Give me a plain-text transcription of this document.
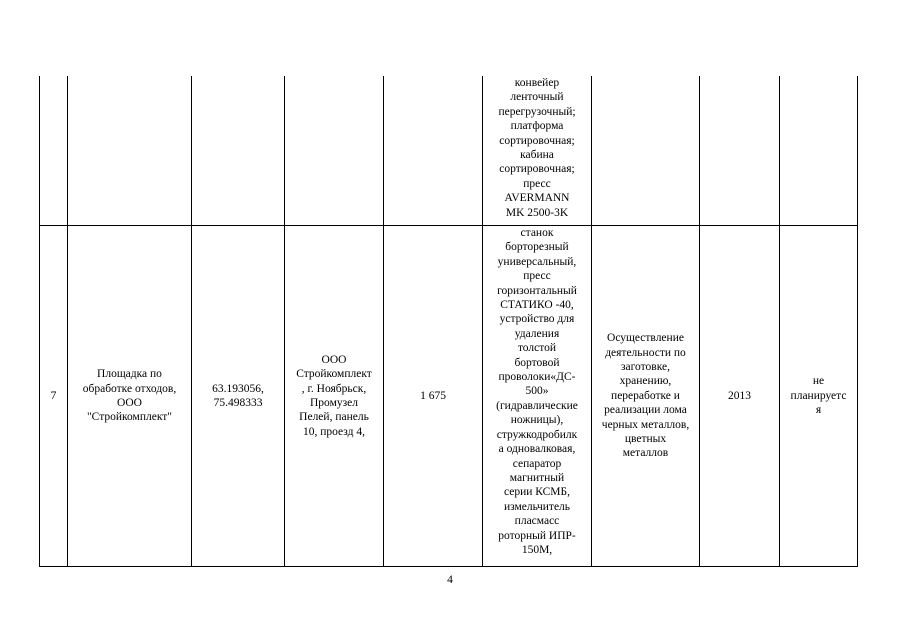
конвейер
ленточный
перегрузочный;
платформа
сортировочная;
кабина
сортировочная;
пресс
AVERMANN
MK 2500-3K
7
Площадка по
обработке отходов,
ООО
"Стройкомплект"
63.193056,
75.498333
ООО
Стройкомплект
, г. Ноябрьск,
Промузел
Пелей, панель
10, проезд 4,
1 675
станок
борторезный
универсальный,
пресс
горизонтальный
СТАТИКО -40,
устройство для
удаления
толстой
бортовой
проволоки«ДС-
500»
(гидравлические
ножницы),
стружкодробилк
а одновалковая,
сепаратор
магнитный
серии КСМБ,
измельчитель
пласмасс
роторный ИПР-
150М,
Осуществление
деятельности по
заготовке,
хранению,
переработке и
реализации лома
черных металлов,
цветных
металлов
2013
не
планируетс
я
4
